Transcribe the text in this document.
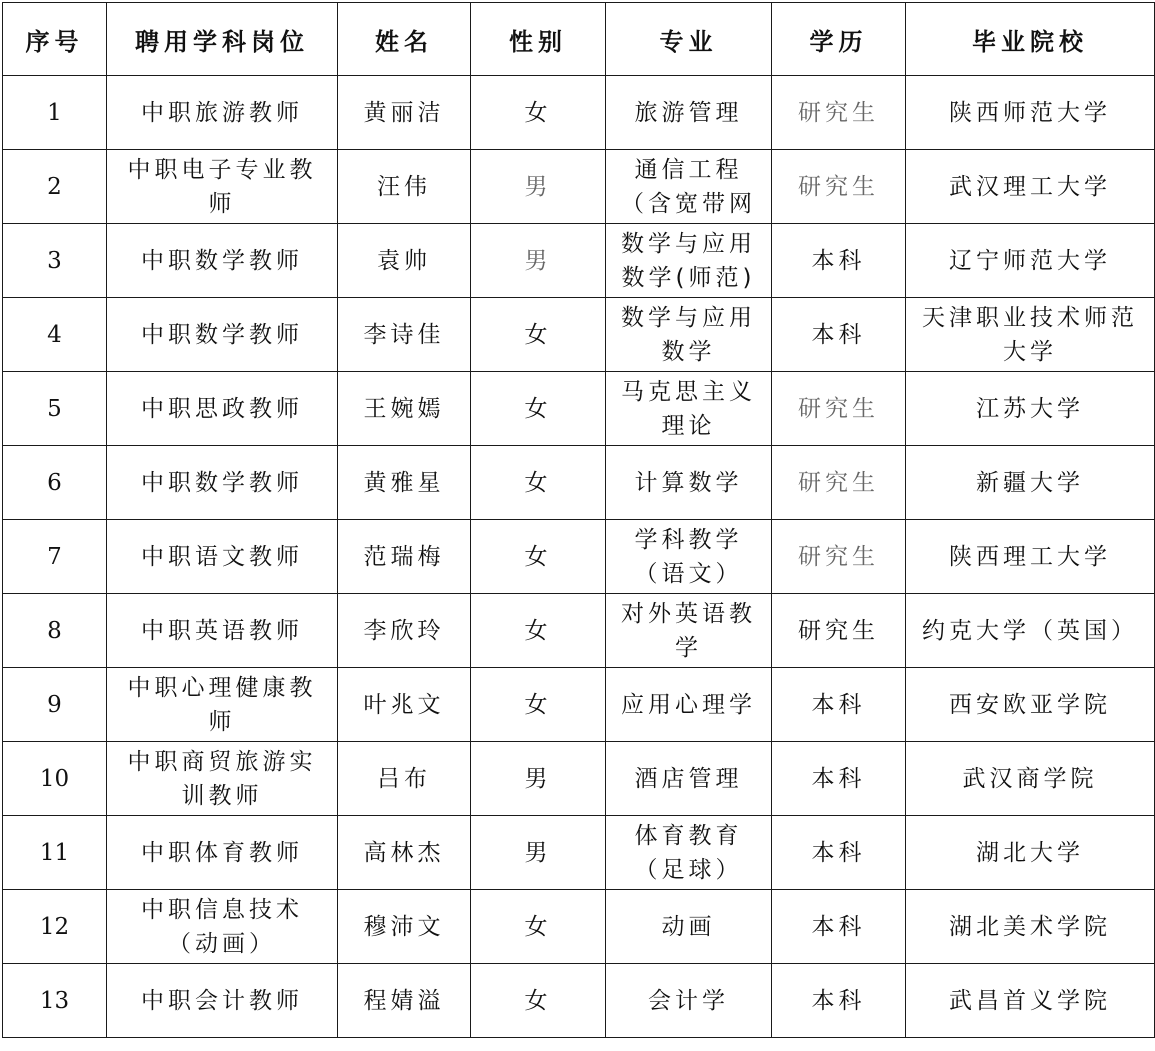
序号	聘用学科岗位	姓名	性别	专业	学历	毕业院校
1	中职旅游教师	黄丽洁	女	旅游管理	研究生	陕西师范大学
2	中职电子专业教师	汪伟	男	通信工程（含宽带网	研究生	武汉理工大学
3	中职数学教师	袁帅	男	数学与应用数学(师范)	本科	辽宁师范大学
4	中职数学教师	李诗佳	女	数学与应用数学	本科	天津职业技术师范大学
5	中职思政教师	王婉嫣	女	马克思主义理论	研究生	江苏大学
6	中职数学教师	黄雅星	女	计算数学	研究生	新疆大学
7	中职语文教师	范瑞梅	女	学科教学（语文）	研究生	陕西理工大学
8	中职英语教师	李欣玲	女	对外英语教学	研究生	约克大学（英国）
9	中职心理健康教师	叶兆文	女	应用心理学	本科	西安欧亚学院
10	中职商贸旅游实训教师	吕布	男	酒店管理	本科	武汉商学院
11	中职体育教师	高林杰	男	体育教育（足球）	本科	湖北大学
12	中职信息技术（动画）	穆沛文	女	动画	本科	湖北美术学院
13	中职会计教师	程婧溢	女	会计学	本科	武昌首义学院
